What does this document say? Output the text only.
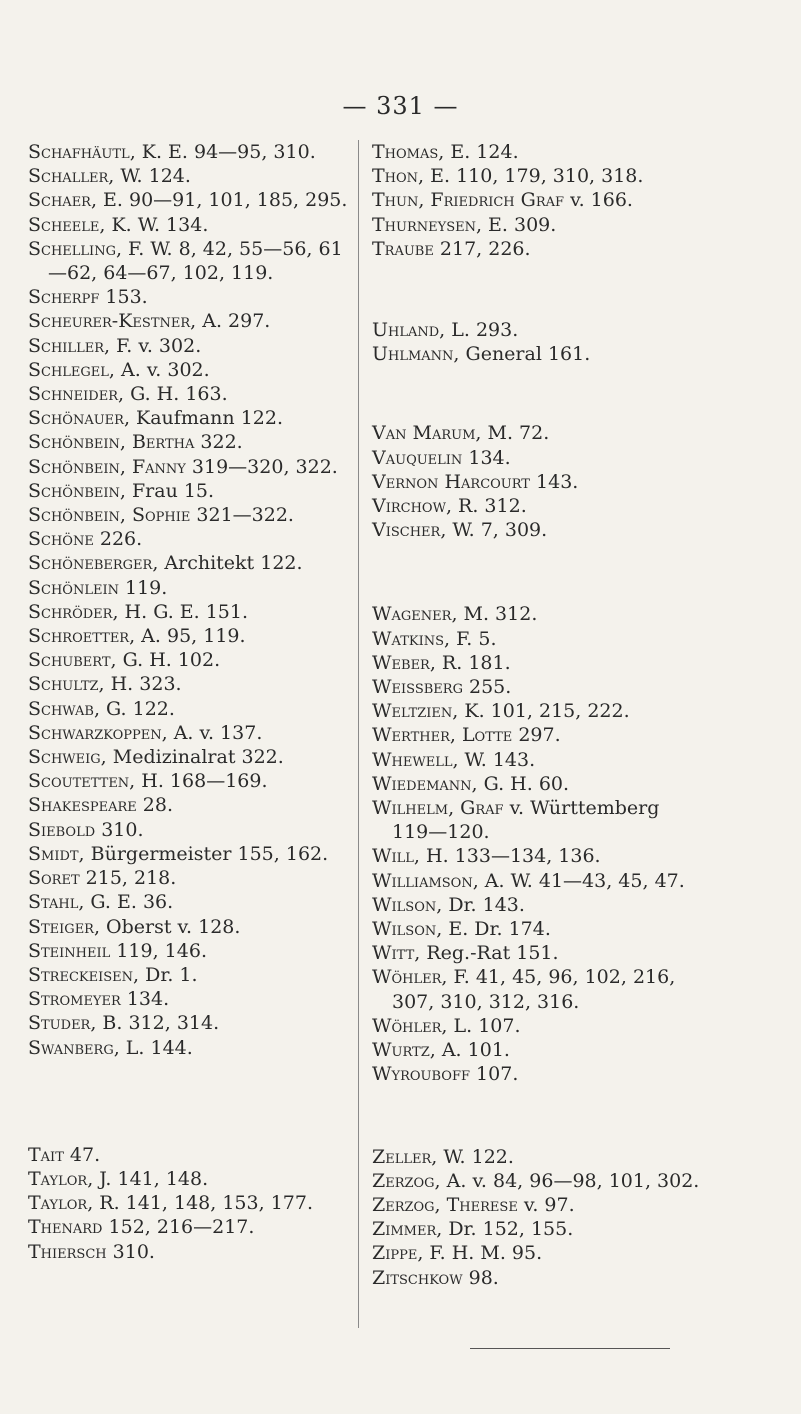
— 331 —
Schafhäutl, K. E. 94—95, 310.
Schaller, W. 124.
Schaer, E. 90—91, 101, 185, 295.
Scheele, K. W. 134.
Schelling, F. W. 8, 42, 55—56, 61
—62, 64—67, 102, 119.
Scherpf 153.
Scheurer-Kestner, A. 297.
Schiller, F. v. 302.
Schlegel, A. v. 302.
Schneider, G. H. 163.
Schönauer, Kaufmann 122.
Schönbein, Bertha 322.
Schönbein, Fanny 319—320, 322.
Schönbein, Frau 15.
Schönbein, Sophie 321—322.
Schöne 226.
Schöneberger, Architekt 122.
Schönlein 119.
Schröder, H. G. E. 151.
Schroetter, A. 95, 119.
Schubert, G. H. 102.
Schultz, H. 323.
Schwab, G. 122.
Schwarzkoppen, A. v. 137.
Schweig, Medizinalrat 322.
Scoutetten, H. 168—169.
Shakespeare 28.
Siebold 310.
Smidt, Bürgermeister 155, 162.
Soret 215, 218.
Stahl, G. E. 36.
Steiger, Oberst v. 128.
Steinheil 119, 146.
Streckeisen, Dr. 1.
Stromeyer 134.
Studer, B. 312, 314.
Swanberg, L. 144.
Tait 47.
Taylor, J. 141, 148.
Taylor, R. 141, 148, 153, 177.
Thenard 152, 216—217.
Thiersch 310.
Thomas, E. 124.
Thon, E. 110, 179, 310, 318.
Thun, Friedrich Graf v. 166.
Thurneysen, E. 309.
Traube 217, 226.
Uhland, L. 293.
Uhlmann, General 161.
Van Marum, M. 72.
Vauquelin 134.
Vernon Harcourt 143.
Virchow, R. 312.
Vischer, W. 7, 309.
Wagener, M. 312.
Watkins, F. 5.
Weber, R. 181.
Weissberg 255.
Weltzien, K. 101, 215, 222.
Werther, Lotte 297.
Whewell, W. 143.
Wiedemann, G. H. 60.
Wilhelm, Graf v. Württemberg
119—120.
Will, H. 133—134, 136.
Williamson, A. W. 41—43, 45, 47.
Wilson, Dr. 143.
Wilson, E. Dr. 174.
Witt, Reg.-Rat 151.
Wöhler, F. 41, 45, 96, 102, 216,
307, 310, 312, 316.
Wöhler, L. 107.
Wurtz, A. 101.
Wyrouboff 107.
Zeller, W. 122.
Zerzog, A. v. 84, 96—98, 101, 302.
Zerzog, Therese v. 97.
Zimmer, Dr. 152, 155.
Zippe, F. H. M. 95.
Zitschkow 98.
